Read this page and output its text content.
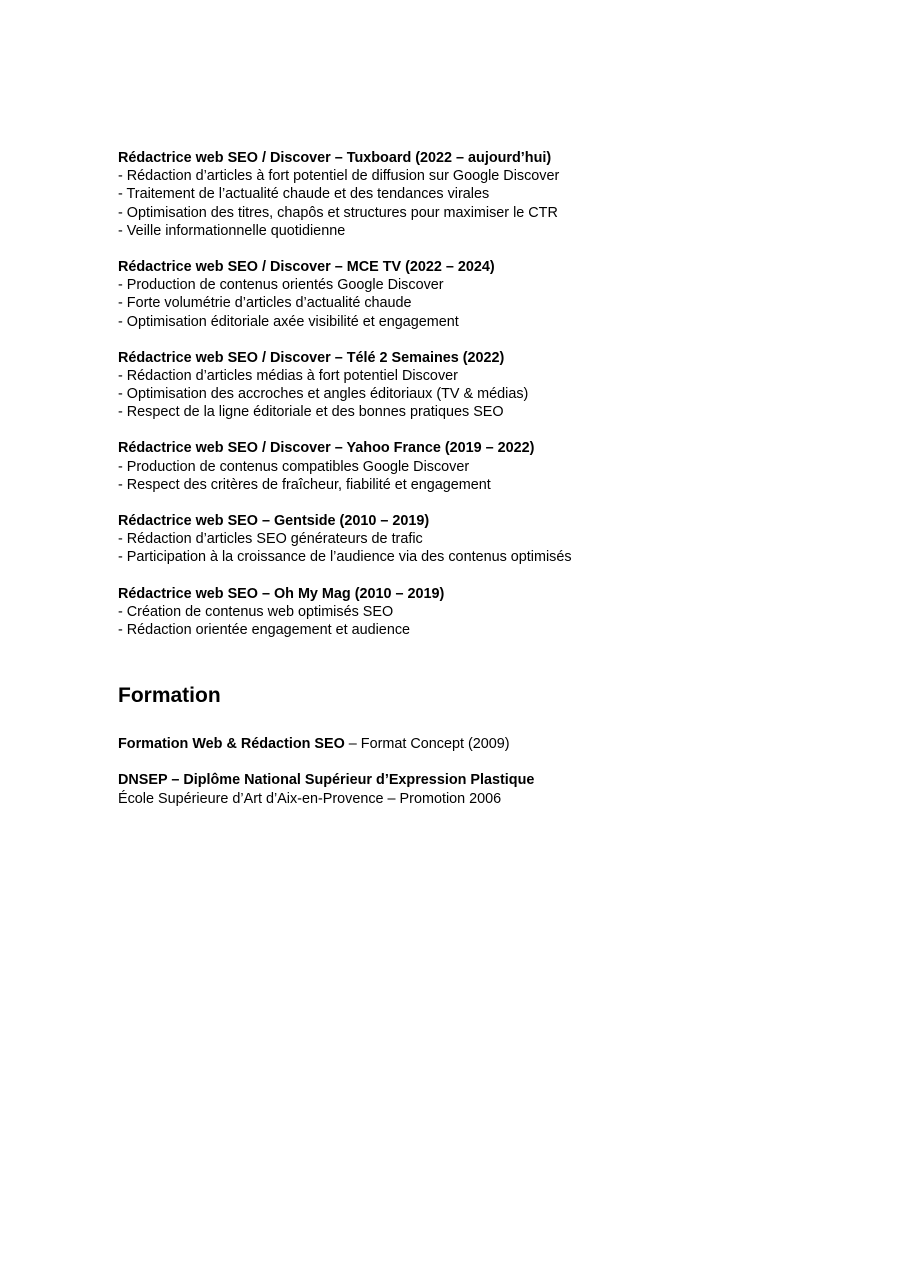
Rédactrice web SEO / Discover – Tuxboard (2022 – aujourd’hui)
- Rédaction d’articles à fort potentiel de diffusion sur Google Discover
- Traitement de l’actualité chaude et des tendances virales
- Optimisation des titres, chapôs et structures pour maximiser le CTR
- Veille informationnelle quotidienne
Rédactrice web SEO / Discover – MCE TV (2022 – 2024)
- Production de contenus orientés Google Discover
- Forte volumétrie d’articles d’actualité chaude
- Optimisation éditoriale axée visibilité et engagement
Rédactrice web SEO / Discover – Télé 2 Semaines (2022)
- Rédaction d’articles médias à fort potentiel Discover
- Optimisation des accroches et angles éditoriaux (TV & médias)
- Respect de la ligne éditoriale et des bonnes pratiques SEO
Rédactrice web SEO / Discover – Yahoo France (2019 – 2022)
- Production de contenus compatibles Google Discover
- Respect des critères de fraîcheur, fiabilité et engagement
Rédactrice web SEO – Gentside (2010 – 2019)
- Rédaction d’articles SEO générateurs de trafic
- Participation à la croissance de l’audience via des contenus optimisés
Rédactrice web SEO – Oh My Mag (2010 – 2019)
- Création de contenus web optimisés SEO
- Rédaction orientée engagement et audience
Formation
Formation Web & Rédaction SEO – Format Concept (2009)
DNSEP – Diplôme National Supérieur d’Expression Plastique
École Supérieure d’Art d’Aix-en-Provence – Promotion 2006
